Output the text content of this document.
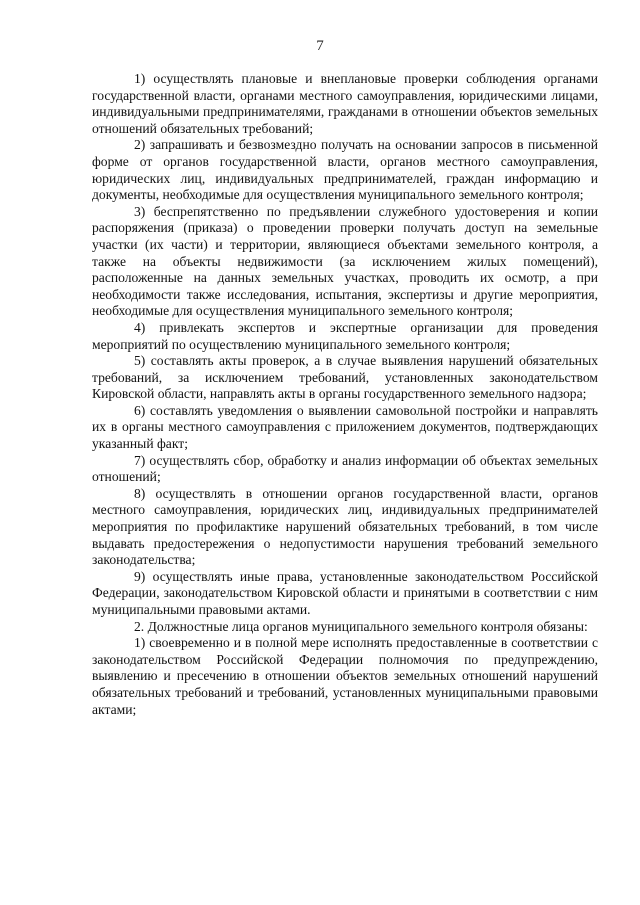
7

1) осуществлять плановые и внеплановые проверки соблюдения органами государственной власти, органами местного самоуправления, юридическими лицами, индивидуальными предпринимателями, гражданами в отношении объектов земельных отношений обязательных требований;

2) запрашивать и безвозмездно получать на основании запросов в письменной форме от органов государственной власти, органов местного самоуправления, юридических лиц, индивидуальных предпринимателей, граждан информацию и документы, необходимые для осуществления муниципального земельного контроля;

3) беспрепятственно по предъявлении служебного удостоверения и копии распоряжения (приказа) о проведении проверки получать доступ на земельные участки (их части) и территории, являющиеся объектами земельного контроля, а также на объекты недвижимости (за исключением жилых помещений), расположенные на данных земельных участках, проводить их осмотр, а при необходимости также исследования, испытания, экспертизы и другие мероприятия, необходимые для осуществления муниципального земельного контроля;

4) привлекать экспертов и экспертные организации для проведения мероприятий по осуществлению муниципального земельного контроля;

5) составлять акты проверок, а в случае выявления нарушений обязательных требований, за исключением требований, установленных законодательством Кировской области, направлять акты в органы государственного земельного надзора;

6) составлять уведомления о выявлении самовольной постройки и направлять их в органы местного самоуправления с приложением документов, подтверждающих указанный факт;

7) осуществлять сбор, обработку и анализ информации об объектах земельных отношений;

8) осуществлять в отношении органов государственной власти, органов местного самоуправления, юридических лиц, индивидуальных предпринимателей мероприятия по профилактике нарушений обязательных требований, в том числе выдавать предостережения о недопустимости нарушения требований земельного законодательства;

9) осуществлять иные права, установленные законодательством Российской Федерации, законодательством Кировской области и принятыми в соответствии с ним муниципальными правовыми актами.

2. Должностные лица органов муниципального земельного контроля обязаны:

1) своевременно и в полной мере исполнять предоставленные в соответствии с законодательством Российской Федерации полномочия по предупреждению, выявлению и пресечению в отношении объектов земельных отношений нарушений обязательных требований и требований, установленных муниципальными правовыми актами;
